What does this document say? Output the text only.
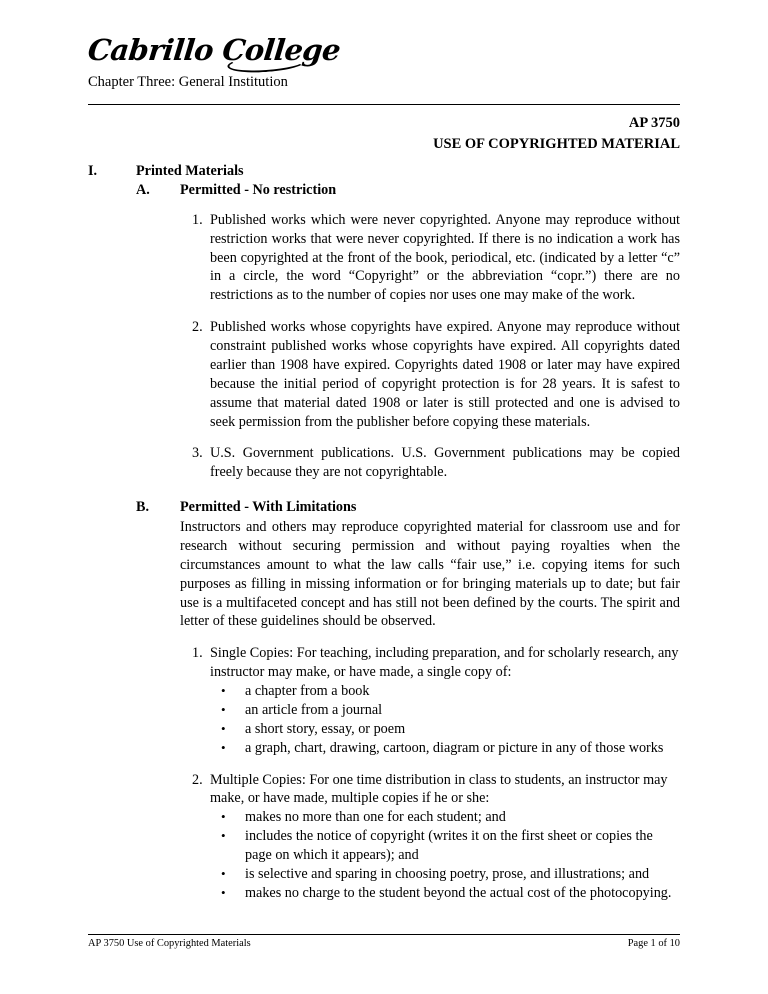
Cabrillo College
Chapter Three: General Institution
AP 3750
USE OF COPYRIGHTED MATERIAL
I.	Printed Materials
A.	Permitted - No restriction
1. Published works which were never copyrighted. Anyone may reproduce without restriction works that were never copyrighted. If there is no indication a work has been copyrighted at the front of the book, periodical, etc. (indicated by a letter “c” in a circle, the word “Copyright” or the abbreviation “copr.”) there are no restrictions as to the number of copies nor uses one may make of the work.
2. Published works whose copyrights have expired. Anyone may reproduce without constraint published works whose copyrights have expired. All copyrights dated earlier than 1908 have expired. Copyrights dated 1908 or later may have expired because the initial period of copyright protection is for 28 years. It is safest to assume that material dated 1908 or later is still protected and one is advised to seek permission from the publisher before copying these materials.
3. U.S. Government publications. U.S. Government publications may be copied freely because they are not copyrightable.
B.	Permitted - With Limitations
Instructors and others may reproduce copyrighted material for classroom use and for research without securing permission and without paying royalties when the circumstances amount to what the law calls “fair use,” i.e. copying items for such purposes as filling in missing information or for bringing materials up to date; but fair use is a multifaceted concept and has still not been defined by the courts. The spirit and letter of these guidelines should be observed.
1. Single Copies: For teaching, including preparation, and for scholarly research, any instructor may make, or have made, a single copy of:
•	a chapter from a book
•	an article from a journal
•	a short story, essay, or poem
•	a graph, chart, drawing, cartoon, diagram or picture in any of those works
2. Multiple Copies: For one time distribution in class to students, an instructor may make, or have made, multiple copies if he or she:
•	makes no more than one for each student; and
•	includes the notice of copyright (writes it on the first sheet or copies the page on which it appears); and
•	is selective and sparing in choosing poetry, prose, and illustrations; and
•	makes no charge to the student beyond the actual cost of the photocopying.
AP 3750 Use of Copyrighted Materials	Page 1 of 10
